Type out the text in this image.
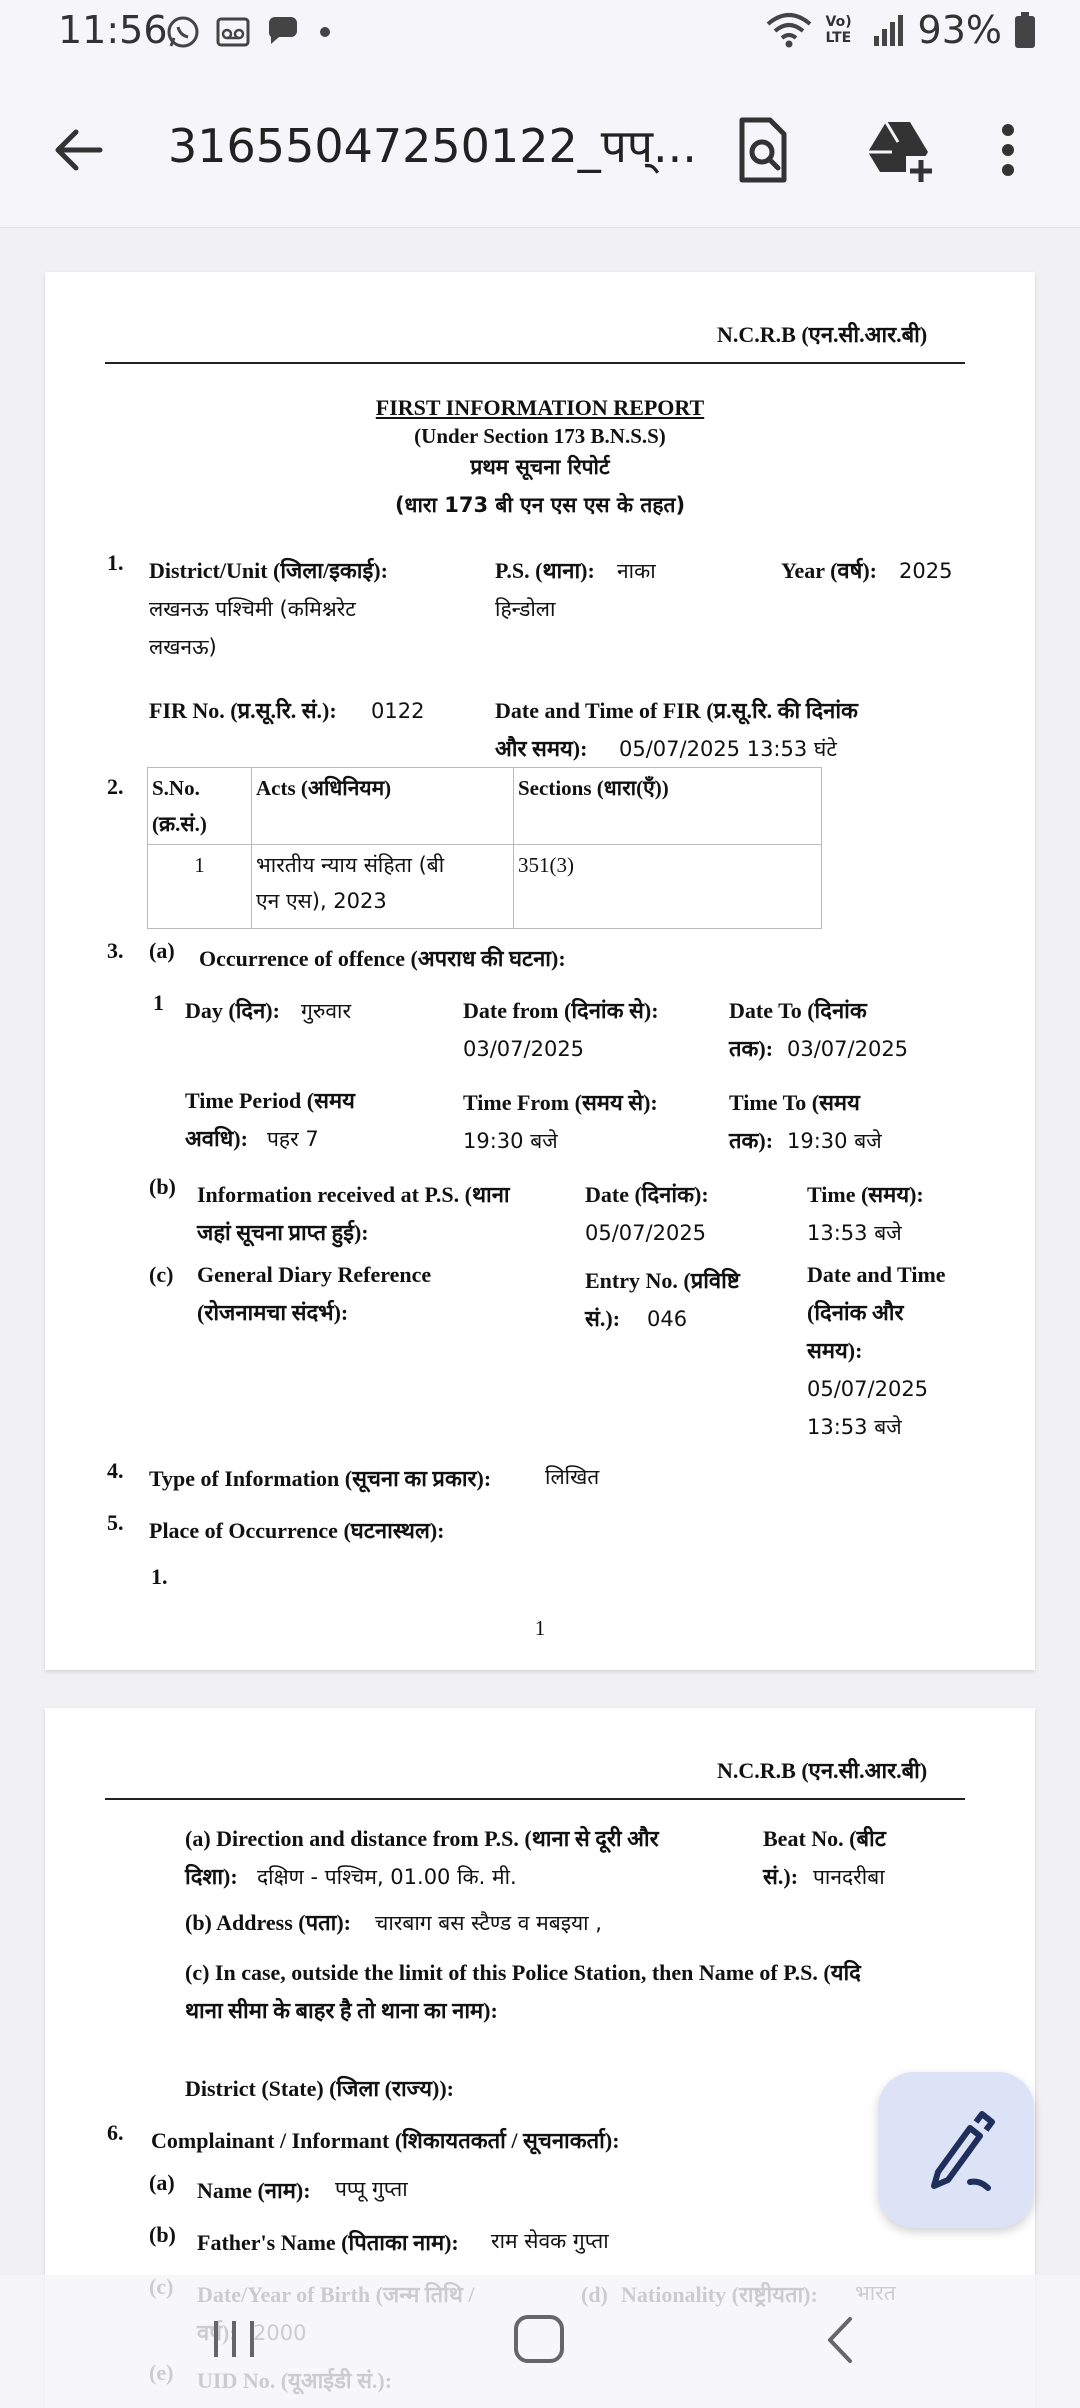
11:56	Vo) LTE 93%
31655047250122_पप्...
N.C.R.B (एन.सी.आर.बी)
FIRST INFORMATION REPORT
(Under Section 173 B.N.S.S)
प्रथम सूचना रिपोर्ट
(धारा 173 बी एन एस एस के तहत)
1. District/Unit (जिला/इकाई):
लखनऊ पश्चिमी (कमिश्नरेट
लखनऊ)
P.S. (थाना): नाका
हिन्डोला
Year (वर्ष): 2025
FIR No. (प्र.सू.रि. सं.): 0122	Date and Time of FIR (प्र.सू.रि. की दिनांक
और समय): 05/07/2025 13:53 घंटे
2. S.No.
(क्र.सं.)	Acts (अधिनियम)	Sections (धारा(एँ))
1	भारतीय न्याय संहिता (बी
एन एस), 2023	351(3)
3. (a) Occurrence of offence (अपराध की घटना):
1 Day (दिन): गुरुवार	Date from (दिनांक से):
03/07/2025
Date To (दिनांक
तक): 03/07/2025
Time Period (समय
अवधि): पहर 7
Time From (समय से):
19:30 बजे
Time To (समय
तक): 19:30 बजे
(b) Information received at P.S. (थाना
जहां सूचना प्राप्त हुई):
Date (दिनांक):
05/07/2025
Time (समय):
13:53 बजे
(c) General Diary Reference
(रोजनामचा संदर्भ):
Entry No. (प्रविष्टि
सं.): 046
Date and Time
(दिनांक और
समय):
05/07/2025
13:53 बजे
4. Type of Information (सूचना का प्रकार):	लिखित
5. Place of Occurrence (घटनास्थल):
1.
1
N.C.R.B (एन.सी.आर.बी)
(a) Direction and distance from P.S. (थाना से दूरी और
दिशा): दक्षिण - पश्चिम, 01.00 कि. मी.
Beat No. (बीट
सं.): पानदरीबा
(b) Address (पता): चारबाग बस स्टैण्ड व मबइया ,
(c) In case, outside the limit of this Police Station, then Name of P.S. (यदि
थाना सीमा के बाहर है तो थाना का नाम):
District (State) (जिला (राज्य)):
6. Complainant / Informant (शिकायतकर्ता / सूचनाकर्ता):
(a) Name (नाम): पप्पू गुप्ता
(b) Father's Name (पिताका नाम): राम सेवक गुप्ता
